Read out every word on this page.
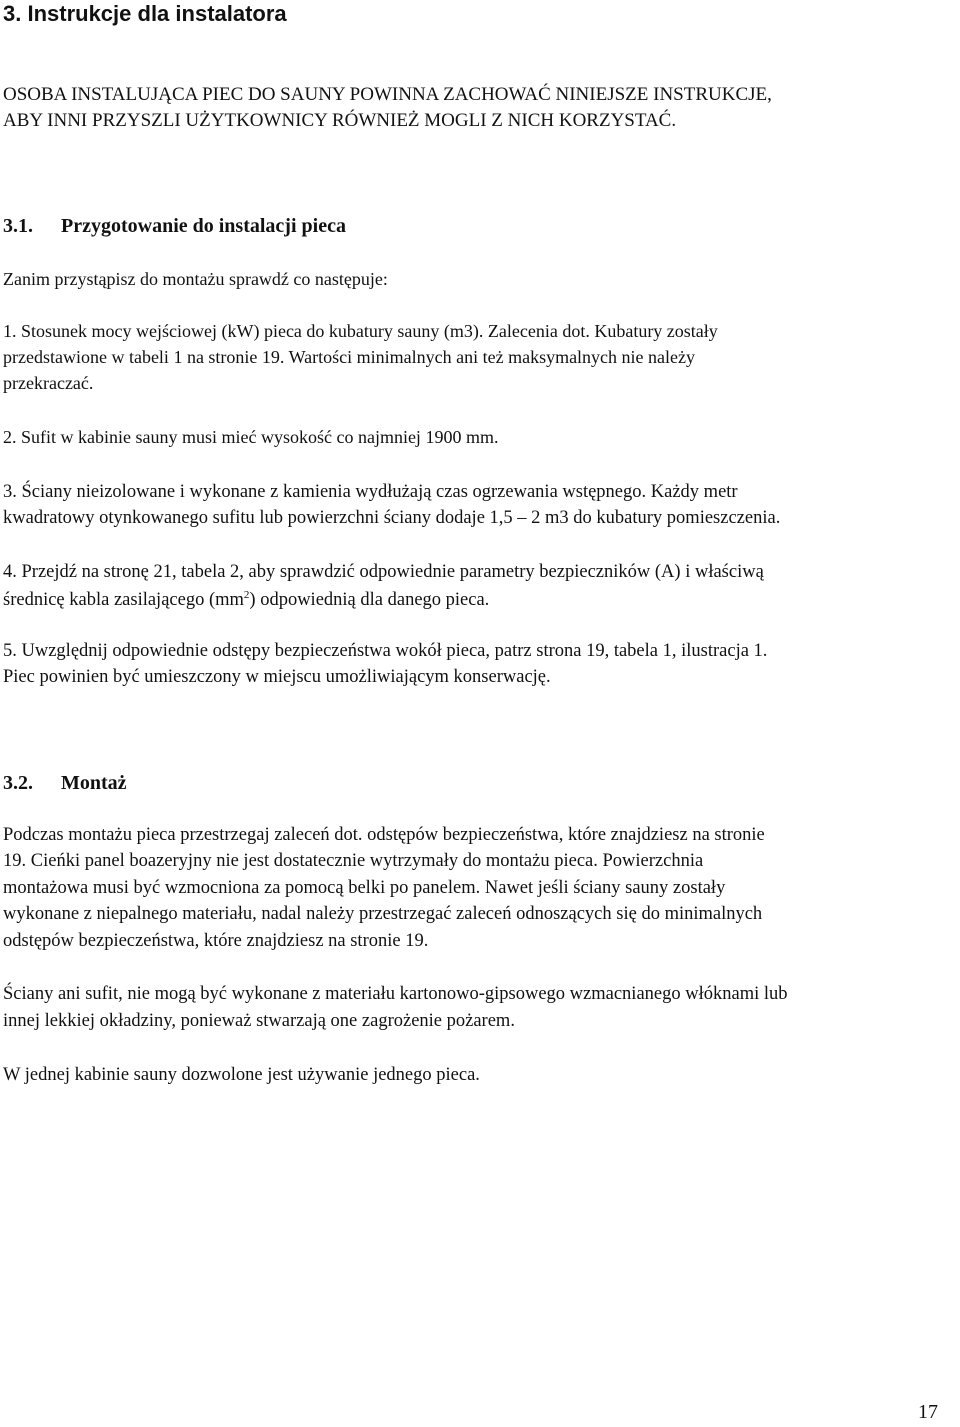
3. Instrukcje dla instalatora

OSOBA INSTALUJĄCA PIEC DO SAUNY POWINNA ZACHOWAĆ NINIEJSZE INSTRUKCJE,

ABY INNI PRZYSZLI UŻYTKOWNICY RÓWNIEŻ MOGLI Z NICH KORZYSTAĆ.

3.1. Przygotowanie do instalacji pieca

Zanim przystąpisz do montażu sprawdź co następuje:

1. Stosunek mocy wejściowej (kW) pieca do kubatury sauny (m3). Zalecenia dot. Kubatury zostały

przedstawione w tabeli 1 na stronie 19. Wartości minimalnych ani też maksymalnych nie należy

przekraczać.

2. Sufit w kabinie sauny musi mieć wysokość co najmniej 1900 mm.

3. Ściany nieizolowane i wykonane z kamienia wydłużają czas ogrzewania wstępnego. Każdy metr

kwadratowy otynkowanego sufitu lub powierzchni ściany dodaje 1,5 – 2 m3 do kubatury pomieszczenia.

4. Przejdź na stronę 21, tabela 2, aby sprawdzić odpowiednie parametry bezpieczników (A) i właściwą

średnicę kabla zasilającego $(mm^2)$ odpowiednią dla danego pieca.

5. Uwzględnij odpowiednie odstępy bezpieczeństwa wokół pieca, patrz strona 19, tabela 1, ilustracja 1.

Piec powinien być umieszczony w miejscu umożliwiającym konserwację.

3.2. Montaż

Podczas montażu pieca przestrzegaj zaleceń dot. odstępów bezpieczeństwa, które znajdziesz na stronie

19. Cieńki panel boazeryjny nie jest dostatecznie wytrzymały do montażu pieca. Powierzchnia

montażowa musi być wzmocniona za pomocą belki po panelem. Nawet jeśli ściany sauny zostały

wykonane z niepalnego materiału, nadal należy przestrzegać zaleceń odnoszących się do minimalnych

odstępów bezpieczeństwa, które znajdziesz na stronie 19.

Ściany ani sufit, nie mogą być wykonane z materiału kartonowo-gipsowego wzmacnianego włóknami lub

innej lekkiej okładziny, ponieważ stwarzają one zagrożenie pożarem.

W jednej kabinie sauny dozwolone jest używanie jednego pieca.

17
